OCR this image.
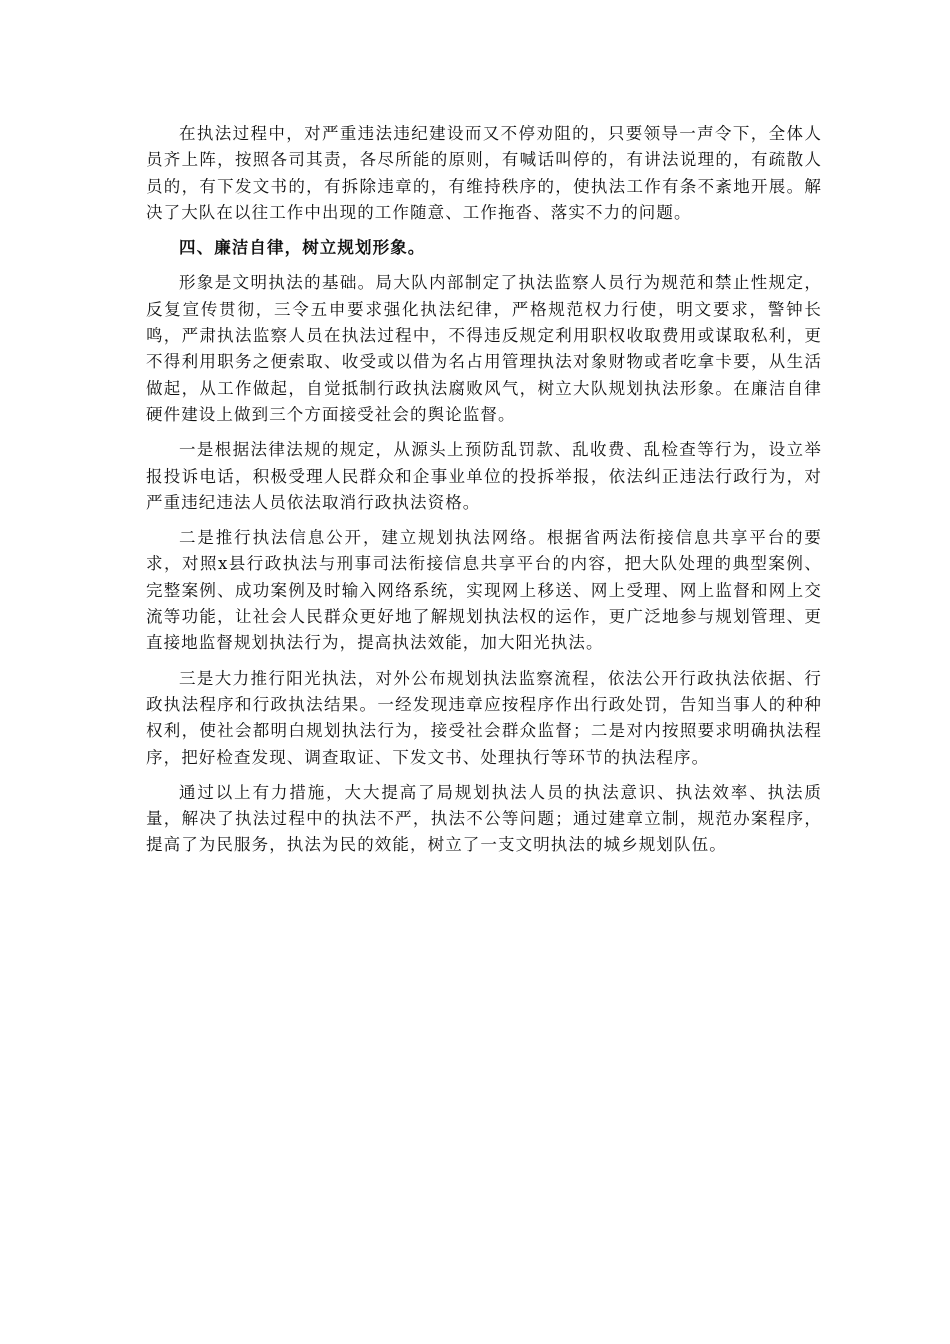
在执法过程中，对严重违法违纪建设而又不停劝阻的，只要领导一声令下，全体人员齐上阵，按照各司其责，各尽所能的原则，有喊话叫停的，有讲法说理的，有疏散人员的，有下发文书的，有拆除违章的，有维持秩序的，使执法工作有条不紊地开展。解决了大队在以往工作中出现的工作随意、工作拖沓、落实不力的问题。

四、廉洁自律，树立规划形象。

形象是文明执法的基础。局大队内部制定了执法监察人员行为规范和禁止性规定，反复宣传贯彻，三令五申要求强化执法纪律，严格规范权力行使，明文要求，警钟长鸣，严肃执法监察人员在执法过程中，不得违反规定利用职权收取费用或谋取私利，更不得利用职务之便索取、收受或以借为名占用管理执法对象财物或者吃拿卡要，从生活做起，从工作做起，自觉抵制行政执法腐败风气，树立大队规划执法形象。在廉洁自律硬件建设上做到三个方面接受社会的舆论监督。

一是根据法律法规的规定，从源头上预防乱罚款、乱收费、乱检查等行为，设立举报投诉电话，积极受理人民群众和企事业单位的投拆举报，依法纠正违法行政行为，对严重违纪违法人员依法取消行政执法资格。

二是推行执法信息公开，建立规划执法网络。根据省两法衔接信息共享平台的要求，对照x县行政执法与刑事司法衔接信息共享平台的内容，把大队处理的典型案例、完整案例、成功案例及时输入网络系统，实现网上移送、网上受理、网上监督和网上交流等功能，让社会人民群众更好地了解规划执法权的运作，更广泛地参与规划管理、更直接地监督规划执法行为，提高执法效能，加大阳光执法。

三是大力推行阳光执法，对外公布规划执法监察流程，依法公开行政执法依据、行政执法程序和行政执法结果。一经发现违章应按程序作出行政处罚，告知当事人的种种权利，使社会都明白规划执法行为，接受社会群众监督；二是对内按照要求明确执法程序，把好检查发现、调查取证、下发文书、处理执行等环节的执法程序。

通过以上有力措施，大大提高了局规划执法人员的执法意识、执法效率、执法质量，解决了执法过程中的执法不严，执法不公等问题；通过建章立制，规范办案程序，提高了为民服务，执法为民的效能，树立了一支文明执法的城乡规划队伍。
